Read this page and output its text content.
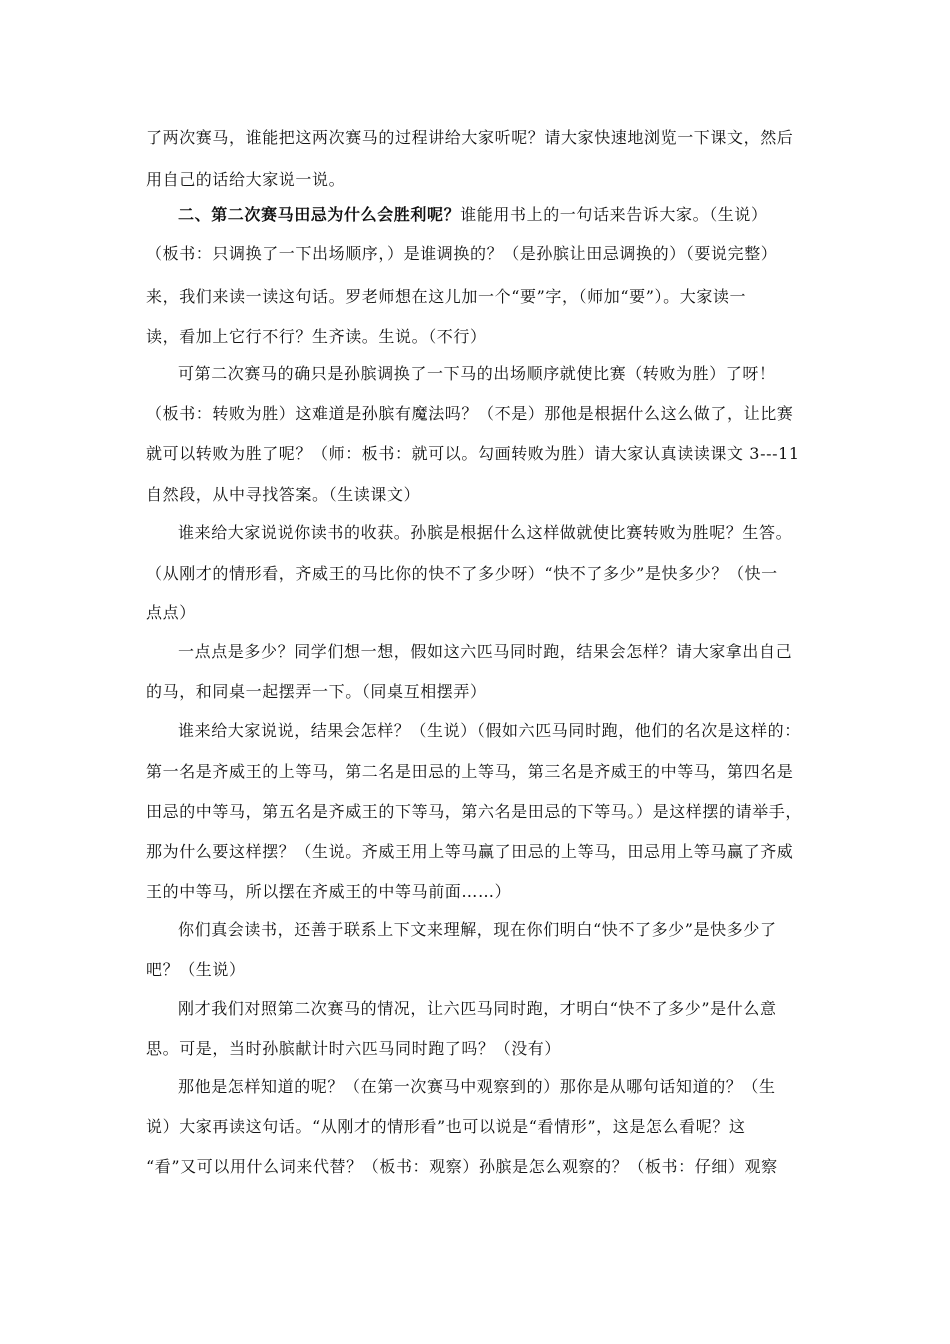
了两次赛马，谁能把这两次赛马的过程讲给大家听呢？请大家快速地浏览一下课文，然后
用自己的话给大家说一说。
二、第二次赛马田忌为什么会胜利呢？谁能用书上的一句话来告诉大家。（生说）
（板书：只调换了一下出场顺序，）是谁调换的？（是孙膑让田忌调换的）（要说完整）
来，我们来读一读这句话。罗老师想在这儿加一个“要”字，（师加“要”）。大家读一
读，看加上它行不行？生齐读。生说。（不行）
可第二次赛马的确只是孙膑调换了一下马的出场顺序就使比赛（转败为胜）了呀！
（板书：转败为胜）这难道是孙膑有魔法吗？（不是）那他是根据什么这么做了，让比赛
就可以转败为胜了呢？（师：板书：就可以。勾画转败为胜）请大家认真读读课文 3---11
自然段，从中寻找答案。（生读课文）
谁来给大家说说你读书的收获。孙膑是根据什么这样做就使比赛转败为胜呢？生答。
（从刚才的情形看，齐威王的马比你的快不了多少呀）“快不了多少”是快多少？（快一
点点）
一点点是多少？同学们想一想，假如这六匹马同时跑，结果会怎样？请大家拿出自己
的马，和同桌一起摆弄一下。（同桌互相摆弄）
谁来给大家说说，结果会怎样？（生说）（假如六匹马同时跑，他们的名次是这样的：
第一名是齐威王的上等马，第二名是田忌的上等马，第三名是齐威王的中等马，第四名是
田忌的中等马，第五名是齐威王的下等马，第六名是田忌的下等马。）是这样摆的请举手，
那为什么要这样摆？（生说。齐威王用上等马赢了田忌的上等马，田忌用上等马赢了齐威
王的中等马，所以摆在齐威王的中等马前面……）
你们真会读书，还善于联系上下文来理解，现在你们明白“快不了多少”是快多少了
吧？（生说）
刚才我们对照第二次赛马的情况，让六匹马同时跑，才明白“快不了多少”是什么意
思。可是，当时孙膑献计时六匹马同时跑了吗？（没有）
那他是怎样知道的呢？（在第一次赛马中观察到的）那你是从哪句话知道的？（生
说）大家再读这句话。“从刚才的情形看”也可以说是“看情形”，这是怎么看呢？这
“看”又可以用什么词来代替？（板书：观察）孙膑是怎么观察的？（板书：仔细）观察
